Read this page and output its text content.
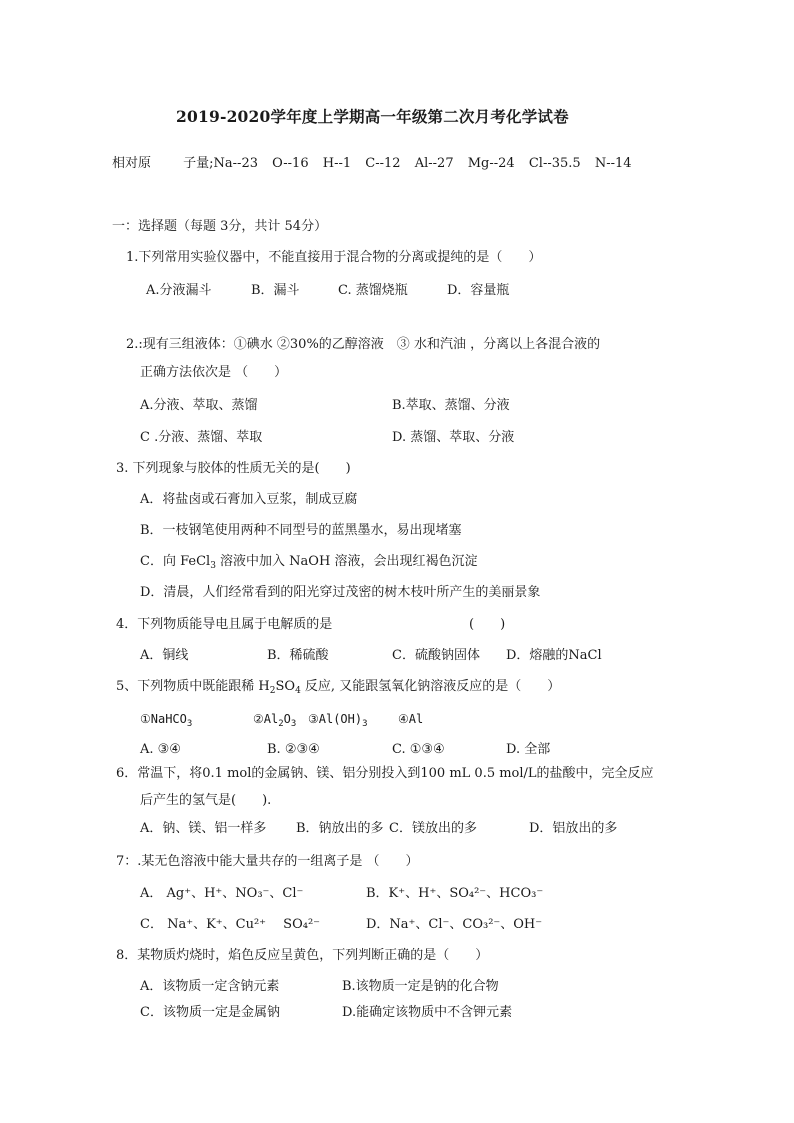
2019-2020学年度上学期高一年级第二次月考化学试卷
相对原 子量;Na--23 O--16 H--1 C--12 Al--27 Mg--24 Cl--35.5 N--14
一：选择题（每题 3分，共计 54分）
1.下列常用实验仪器中，不能直接用于混合物的分离或提纯的是（　　）
A.分液漏斗	B．漏斗	C. 蒸馏烧瓶	D．容量瓶
2.:现有三组液体：①碘水 ②30%的乙醇溶液　③ 水和汽油 ，分离以上各混合液的
正确方法依次是 （　　）
A.分液、萃取、蒸馏	B.萃取、蒸馏、分液
C .分液、蒸馏、萃取	D. 蒸馏、萃取、分液
3. 下列现象与胶体的性质无关的是(　　)
A．将盐卤或石膏加入豆浆，制成豆腐
B．一枝钢笔使用两种不同型号的蓝黑墨水，易出现堵塞
C．向 FeCl$_3$ 溶液中加入 NaOH 溶液，会出现红褐色沉淀
D．清晨，人们经常看到的阳光穿过茂密的树木枝叶所产生的美丽景象
4．下列物质能导电且属于电解质的是	(　　)
A．铜线	B．稀硫酸	C．硫酸钠固体 D．熔融的NaCl
5、下列物质中既能跟稀 $H_2SO_4$ 反应, 又能跟氢氧化钠溶液反应的是（　　）
①NaHCO$_3$	$②Al_2O_3$ $③Al(OH)_3$	④Al
A. ③④	B. ②③④	C. ①③④	D. 全部
6．常温下，将0.1 mol的金属钠、镁、铝分别投入到100 mL 0.5 mol/L的盐酸中，完全反应
后产生的氢气是(　　).
A．钠、镁、铝一样多 B．钠放出的多 C．镁放出的多	D．铝放出的多
7：.某无色溶液中能大量共存的一组离子是 （　　）
A． Ag⁺、H⁺、NO₃⁻、Cl⁻	B．K⁺、H⁺、SO₄²⁻、HCO₃⁻
C． Na⁺、K⁺、Cu²⁺　 SO₄²⁻	D．Na⁺、Cl⁻、CO₃²⁻、OH⁻
8．某物质灼烧时，焰色反应呈黄色，下列判断正确的是（　　）
A．该物质一定含钠元素	B.该物质一定是钠的化合物
C．该物质一定是金属钠	D.能确定该物质中不含钾元素
